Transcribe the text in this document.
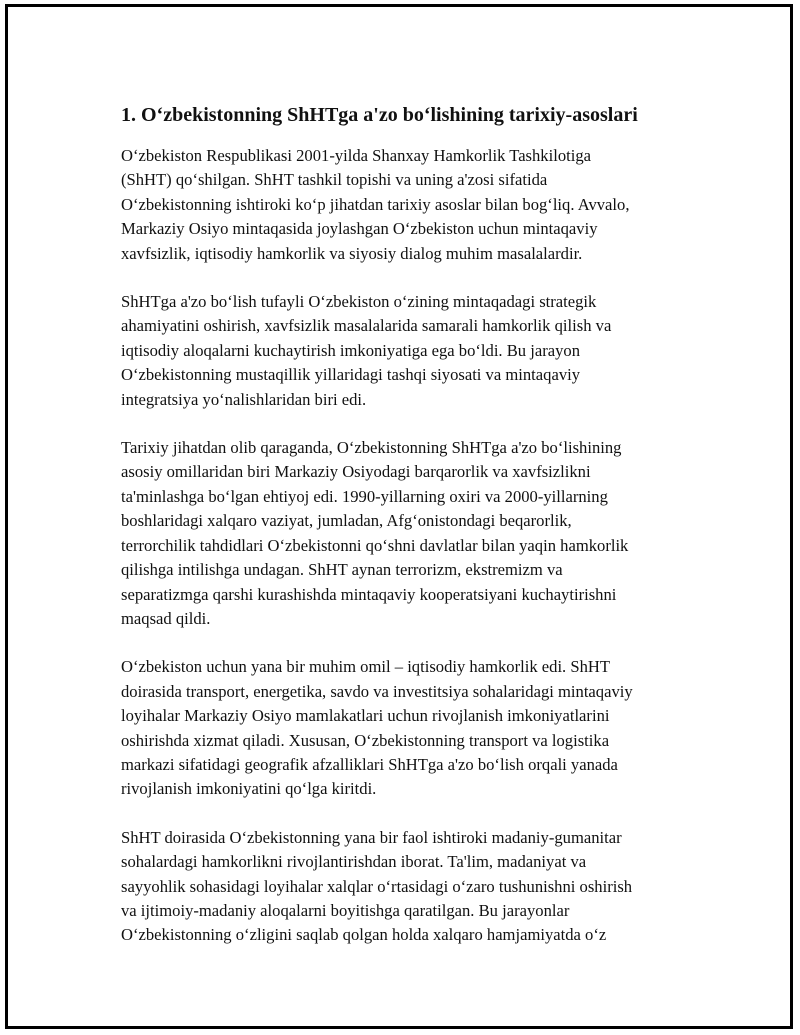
1. O‘zbekistonning ShHTga a'zo bo‘lishining tarixiy-asoslari

O‘zbekiston Respublikasi 2001-yilda Shanxay Hamkorlik Tashkilotiga
(ShHT) qo‘shilgan. ShHT tashkil topishi va uning a'zosi sifatida
O‘zbekistonning ishtiroki ko‘p jihatdan tarixiy asoslar bilan bog‘liq. Avvalo,
Markaziy Osiyo mintaqasida joylashgan O‘zbekiston uchun mintaqaviy
xavfsizlik, iqtisodiy hamkorlik va siyosiy dialog muhim masalalardir.

ShHTga a'zo bo‘lish tufayli O‘zbekiston o‘zining mintaqadagi strategik
ahamiyatini oshirish, xavfsizlik masalalarida samarali hamkorlik qilish va
iqtisodiy aloqalarni kuchaytirish imkoniyatiga ega bo‘ldi. Bu jarayon
O‘zbekistonning mustaqillik yillaridagi tashqi siyosati va mintaqaviy
integratsiya yo‘nalishlaridan biri edi.

Tarixiy jihatdan olib qaraganda, O‘zbekistonning ShHTga a'zo bo‘lishining
asosiy omillaridan biri Markaziy Osiyodagi barqarorlik va xavfsizlikni
ta'minlashga bo‘lgan ehtiyoj edi. 1990-yillarning oxiri va 2000-yillarning
boshlaridagi xalqaro vaziyat, jumladan, Afg‘onistondagi beqarorlik,
terrorchilik tahdidlari O‘zbekistonni qo‘shni davlatlar bilan yaqin hamkorlik
qilishga intilishga undagan. ShHT aynan terrorizm, ekstremizm va
separatizmga qarshi kurashishda mintaqaviy kooperatsiyani kuchaytirishni
maqsad qildi.

O‘zbekiston uchun yana bir muhim omil – iqtisodiy hamkorlik edi. ShHT
doirasida transport, energetika, savdo va investitsiya sohalaridagi mintaqaviy
loyihalar Markaziy Osiyo mamlakatlari uchun rivojlanish imkoniyatlarini
oshirishda xizmat qiladi. Xususan, O‘zbekistonning transport va logistika
markazi sifatidagi geografik afzalliklari ShHTga a'zo bo‘lish orqali yanada
rivojlanish imkoniyatini qo‘lga kiritdi.

ShHT doirasida O‘zbekistonning yana bir faol ishtiroki madaniy-gumanitar
sohalardagi hamkorlikni rivojlantirishdan iborat. Ta'lim, madaniyat va
sayyohlik sohasidagi loyihalar xalqlar o‘rtasidagi o‘zaro tushunishni oshirish
va ijtimoiy-madaniy aloqalarni boyitishga qaratilgan. Bu jarayonlar
O‘zbekistonning o‘zligini saqlab qolgan holda xalqaro hamjamiyatda o‘z
